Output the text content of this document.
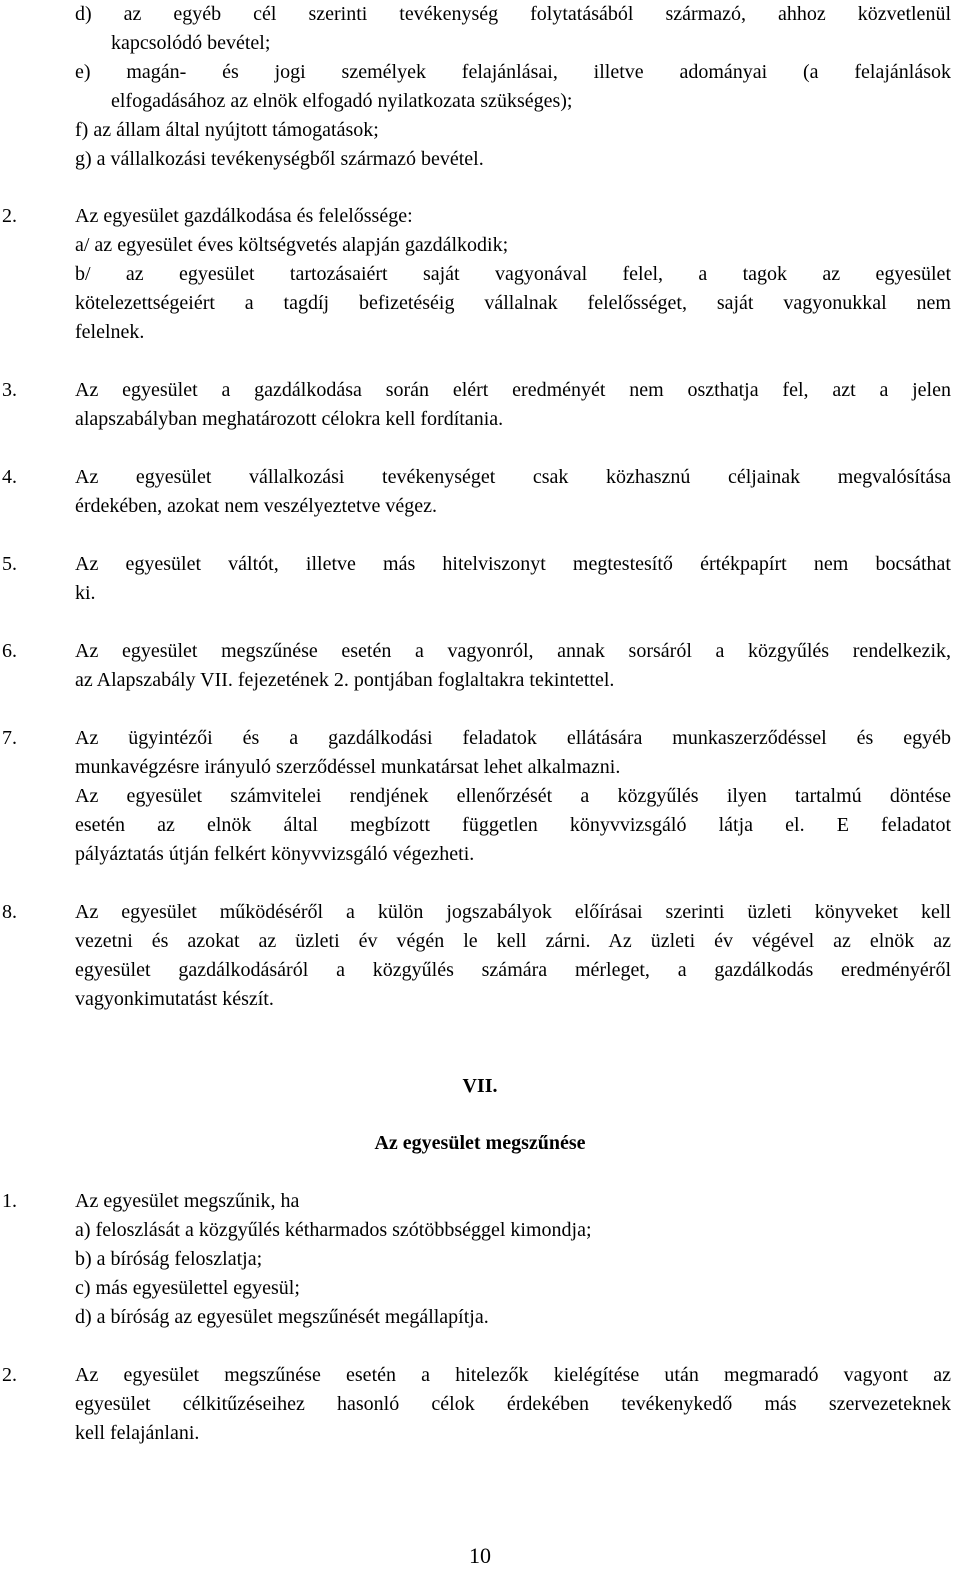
d) az egyéb cél szerinti tevékenység folytatásából származó, ahhoz közvetlenül
kapcsolódó bevétel;
e) magán- és jogi személyek felajánlásai, illetve adományai (a felajánlások
elfogadásához az elnök elfogadó nyilatkozata szükséges);
f) az állam által nyújtott támogatások;
g) a vállalkozási tevékenységből származó bevétel.
2.	Az egyesület gazdálkodása és felelőssége:
a/ az egyesület éves költségvetés alapján gazdálkodik;
b/ az egyesület tartozásaiért saját vagyonával felel, a tagok az egyesület
kötelezettségeiért a tagdíj befizetéséig vállalnak felelősséget, saját vagyonukkal nem
felelnek.
3.	Az egyesület a gazdálkodása során elért eredményét nem oszthatja fel, azt a jelen
alapszabályban meghatározott célokra kell fordítania.
4.	Az egyesület vállalkozási tevékenységet csak közhasznú céljainak megvalósítása
érdekében, azokat nem veszélyeztetve végez.
5.	Az egyesület váltót, illetve más hitelviszonyt megtestesítő értékpapírt nem bocsáthat
ki.
6.	Az egyesület megszűnése esetén a vagyonról, annak sorsáról a közgyűlés rendelkezik,
az Alapszabály VII. fejezetének 2. pontjában foglaltakra tekintettel.
7.	Az ügyintézői és a gazdálkodási feladatok ellátására munkaszerződéssel és egyéb
munkavégzésre irányuló szerződéssel munkatársat lehet alkalmazni.
Az egyesület számvitelei rendjének ellenőrzését a közgyűlés ilyen tartalmú döntése
esetén az elnök által megbízott független könyvvizsgáló látja el. E feladatot
pályáztatás útján felkért könyvvizsgáló végezheti.
8.	Az egyesület működéséről a külön jogszabályok előírásai szerinti üzleti könyveket kell
vezetni és azokat az üzleti év végén le kell zárni. Az üzleti év végével az elnök az
egyesület gazdálkodásáról a közgyűlés számára mérleget, a gazdálkodás eredményéről
vagyonkimutatást készít.
VII.
Az egyesület megszűnése
1.	Az egyesület megszűnik, ha
a) feloszlását a közgyűlés kétharmados szótöbbséggel kimondja;
b) a bíróság feloszlatja;
c) más egyesülettel egyesül;
d) a bíróság az egyesület megszűnését megállapítja.
2.	Az egyesület megszűnése esetén a hitelezők kielégítése után megmaradó vagyont az
egyesület célkitűzéseihez hasonló célok érdekében tevékenykedő más szervezeteknek
kell felajánlani.
10
